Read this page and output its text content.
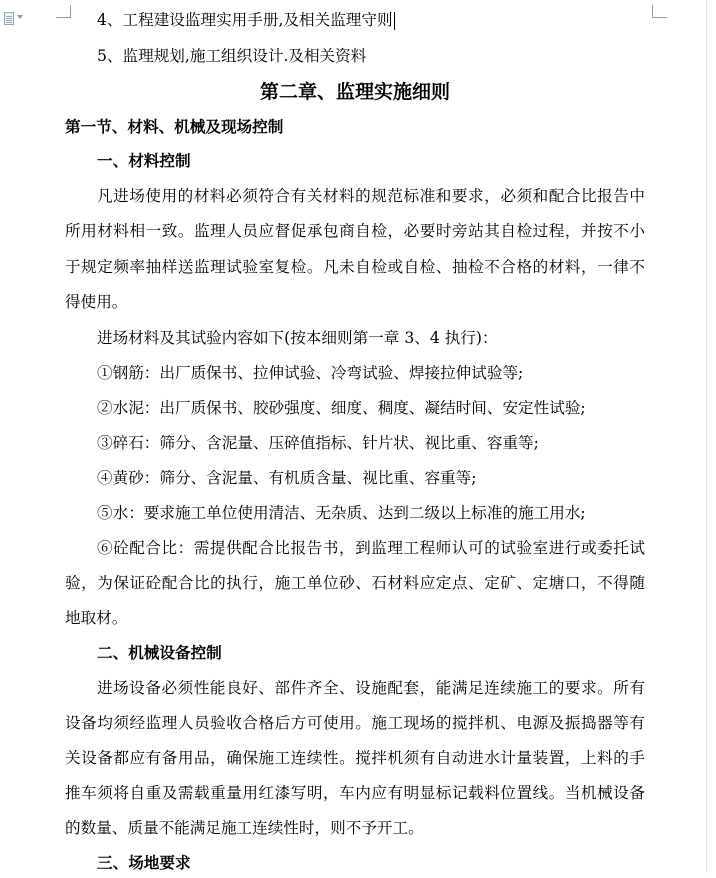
4、工程建设监理实用手册,及相关监理守则
5、监理规划,施工组织设计.及相关资料
第二章、监理实施细则
第一节、材料、机械及现场控制
一、材料控制
凡进场使用的材料必须符合有关材料的规范标准和要求，必须和配合比报告中
所用材料相一致。监理人员应督促承包商自检，必要时旁站其自检过程，并按不小
于规定频率抽样送监理试验室复检。凡未自检或自检、抽检不合格的材料，一律不
得使用。
进场材料及其试验内容如下(按本细则第一章 3、4 执行)：
①钢筋：出厂质保书、拉伸试验、冷弯试验、焊接拉伸试验等;
②水泥：出厂质保书、胶砂强度、细度、稠度、凝结时间、安定性试验;
③碎石：筛分、含泥量、压碎值指标、针片状、视比重、容重等;
④黄砂：筛分、含泥量、有机质含量、视比重、容重等;
⑤水：要求施工单位使用清洁、无杂质、达到二级以上标准的施工用水;
⑥砼配合比：需提供配合比报告书，到监理工程师认可的试验室进行或委托试
验，为保证砼配合比的执行，施工单位砂、石材料应定点、定矿、定塘口，不得随
地取材。
二、机械设备控制
进场设备必须性能良好、部件齐全、设施配套，能满足连续施工的要求。所有
设备均须经监理人员验收合格后方可使用。施工现场的搅拌机、电源及振捣器等有
关设备都应有备用品，确保施工连续性。搅拌机须有自动进水计量装置，上料的手
推车须将自重及需载重量用红漆写明，车内应有明显标记载料位置线。当机械设备
的数量、质量不能满足施工连续性时，则不予开工。
三、场地要求
